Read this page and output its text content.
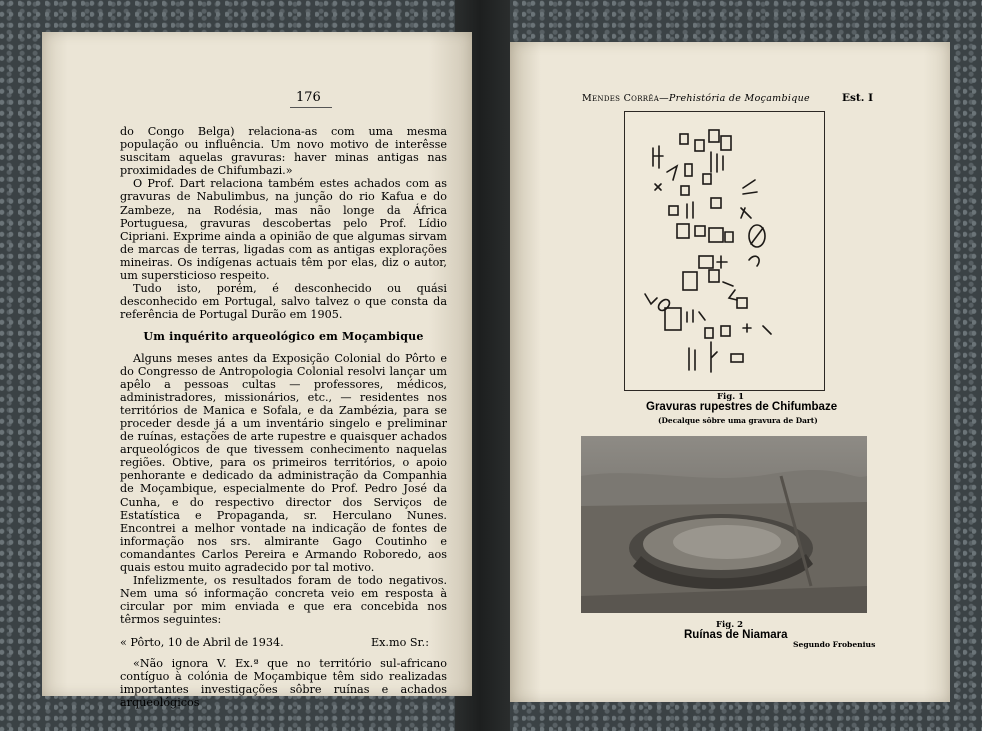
176

do Congo Belga) relaciona-as com uma mesma população ou influência. Um novo motivo de interêsse suscitam aquelas gravuras: haver minas antigas nas proximidades de Chifumbazi.»

O Prof. Dart relaciona também estes achados com as gravuras de Nabulimbus, na junção do rio Kafua e do Zambeze, na Rodésia, mas não longe da África Portuguesa, gravuras descobertas pelo Prof. Lídio Cipriani. Exprime ainda a opinião de que algumas sirvam de marcas de terras, ligadas com as antigas explorações mineiras. Os indígenas actuais têm por elas, diz o autor, um supersticioso respeito.

Tudo isto, porém, é desconhecido ou quási desconhecido em Portugal, salvo talvez o que consta da referência de Portugal Durão em 1905.

Um inquérito arqueológico em Moçambique

Alguns meses antes da Exposição Colonial do Pôrto e do Congresso de Antropologia Colonial resolvi lançar um apêlo a pessoas cultas — professores, médicos, administradores, missionários, etc., — residentes nos territórios de Manica e Sofala, e da Zambézia, para se proceder desde já a um inventário singelo e preliminar de ruínas, estações de arte rupestre e quaisquer achados arqueológicos de que tivessem conhecimento naquelas regiões. Obtive, para os primeiros territórios, o apoio penhorante e dedicado da administração da Companhia de Moçambique, especialmente do Prof. Pedro José da Cunha, e do respectivo director dos Serviços de Estatística e Propaganda, sr. Herculano Nunes. Encontrei a melhor vontade na indicação de fontes de informação nos srs. almirante Gago Coutinho e comandantes Carlos Pereira e Armando Roboredo, aos quais estou muito agradecido por tal motivo.

Infelizmente, os resultados foram de todo negativos. Nem uma só informação concreta veio em resposta à circular por mim enviada e que era concebida nos têrmos seguintes:

« Pôrto, 10 de Abril de 1934.	Ex.mo Sr.:

«Não ignora V. Ex.ª que no território sul-africano contíguo à colónia de Moçambique têm sido realizadas importantes investigações sôbre ruínas e achados arqueológicos

Mendes Corrêa—Prehistória de Moçambique	Est. I
Fig. 1
Gravuras rupestres de Chifumbaze
(Decalque sôbre uma gravura de Dart)
Fig. 2
Ruínas de Niamara
Segundo Frobenius
